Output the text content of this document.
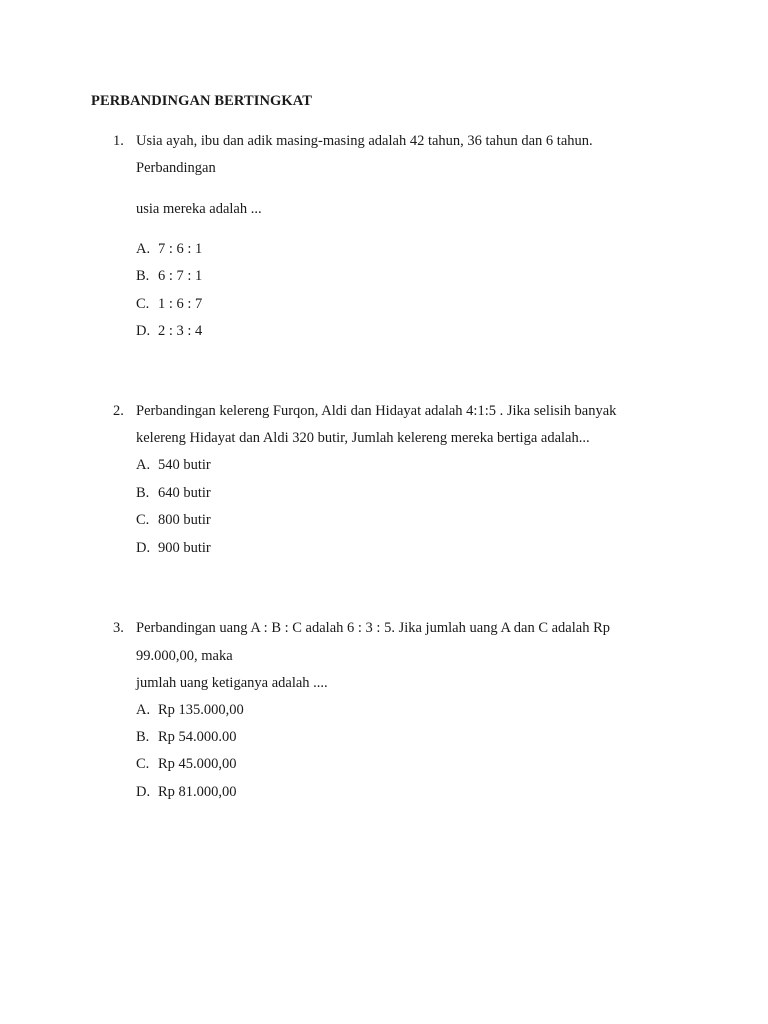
PERBANDINGAN BERTINGKAT
1. Usia ayah, ibu dan adik masing-masing adalah 42 tahun, 36 tahun dan 6 tahun.
Perbandingan
usia mereka adalah ...
A. 7 : 6 : 1
B. 6 : 7 : 1
C. 1 : 6 : 7
D. 2 : 3 : 4
2. Perbandingan kelereng Furqon, Aldi dan Hidayat adalah 4:1:5 . Jika selisih banyak
kelereng Hidayat dan Aldi 320 butir, Jumlah kelereng mereka bertiga adalah...
A. 540 butir
B. 640 butir
C. 800 butir
D. 900 butir
3. Perbandingan uang A : B : C adalah 6 : 3 : 5. Jika jumlah uang A dan C adalah Rp
99.000,00, maka
jumlah uang ketiganya adalah ....
A. Rp 135.000,00
B. Rp 54.000.00
C. Rp 45.000,00
D. Rp 81.000,00
